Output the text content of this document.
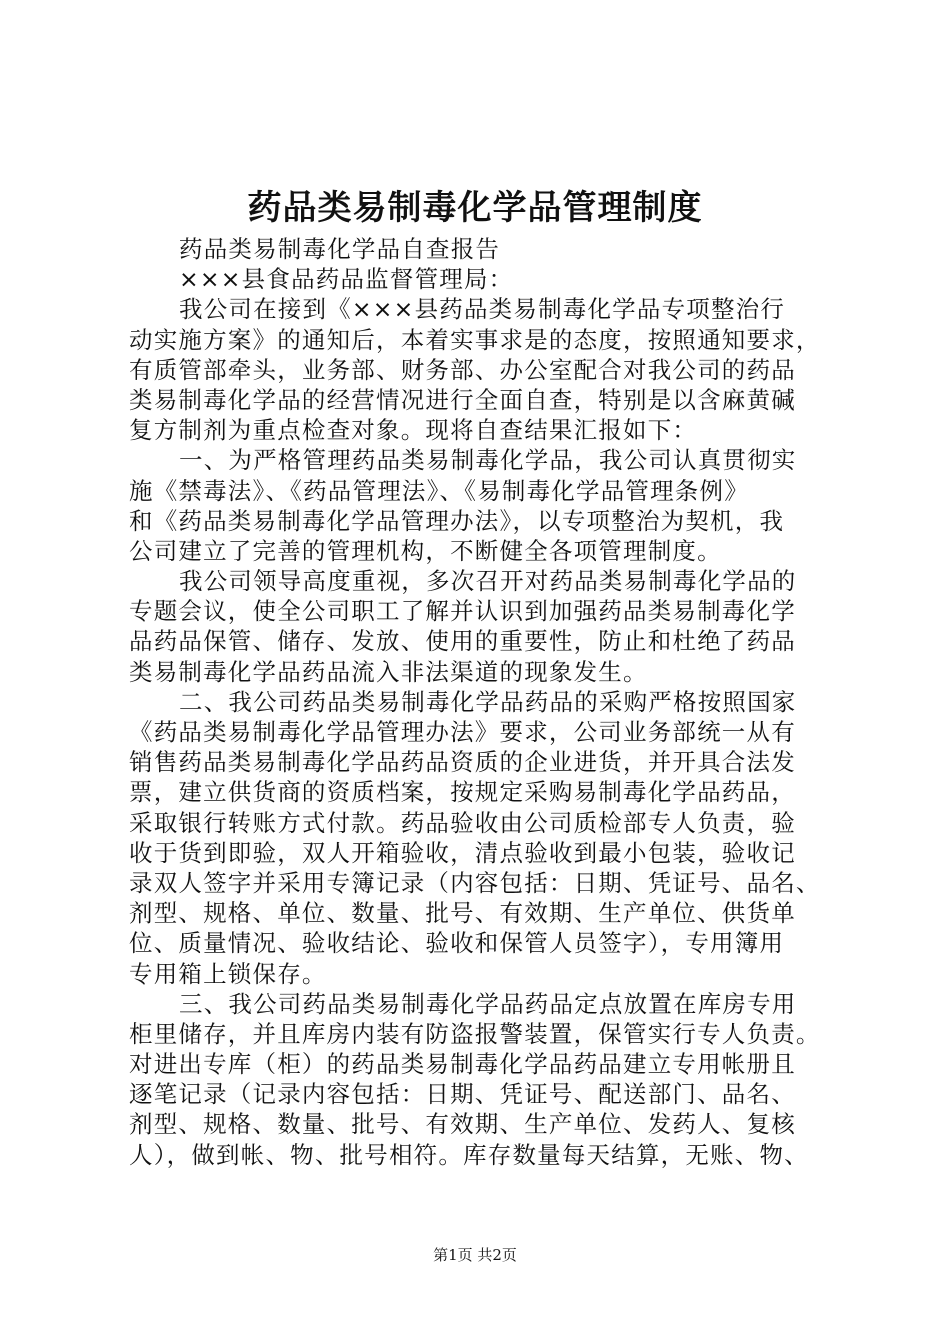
药品类易制毒化学品管理制度
药品类易制毒化学品自查报告
×××县食品药品监督管理局：
我公司在接到《×××县药品类易制毒化学品专项整治行
动实施方案》的通知后，本着实事求是的态度，按照通知要求，
有质管部牵头，业务部、财务部、办公室配合对我公司的药品
类易制毒化学品的经营情况进行全面自查，特别是以含麻黄碱
复方制剂为重点检查对象。现将自查结果汇报如下：
一、为严格管理药品类易制毒化学品，我公司认真贯彻实
施《禁毒法》、《药品管理法》、《易制毒化学品管理条例》
和《药品类易制毒化学品管理办法》，以专项整治为契机，我
公司建立了完善的管理机构，不断健全各项管理制度。
我公司领导高度重视，多次召开对药品类易制毒化学品的
专题会议，使全公司职工了解并认识到加强药品类易制毒化学
品药品保管、储存、发放、使用的重要性，防止和杜绝了药品
类易制毒化学品药品流入非法渠道的现象发生。
二、我公司药品类易制毒化学品药品的采购严格按照国家
《药品类易制毒化学品管理办法》要求，公司业务部统一从有
销售药品类易制毒化学品药品资质的企业进货，并开具合法发
票，建立供货商的资质档案，按规定采购易制毒化学品药品，
采取银行转账方式付款。药品验收由公司质检部专人负责，验
收于货到即验，双人开箱验收，清点验收到最小包装，验收记
录双人签字并采用专簿记录（内容包括：日期、凭证号、品名、
剂型、规格、单位、数量、批号、有效期、生产单位、供货单
位、质量情况、验收结论、验收和保管人员签字），专用簿用
专用箱上锁保存。
三、我公司药品类易制毒化学品药品定点放置在库房专用
柜里储存，并且库房内装有防盗报警装置，保管实行专人负责。
对进出专库（柜）的药品类易制毒化学品药品建立专用帐册且
逐笔记录（记录内容包括：日期、凭证号、配送部门、品名、
剂型、规格、数量、批号、有效期、生产单位、发药人、复核
人），做到帐、物、批号相符。库存数量每天结算，无账、物、
第1页 共2页
